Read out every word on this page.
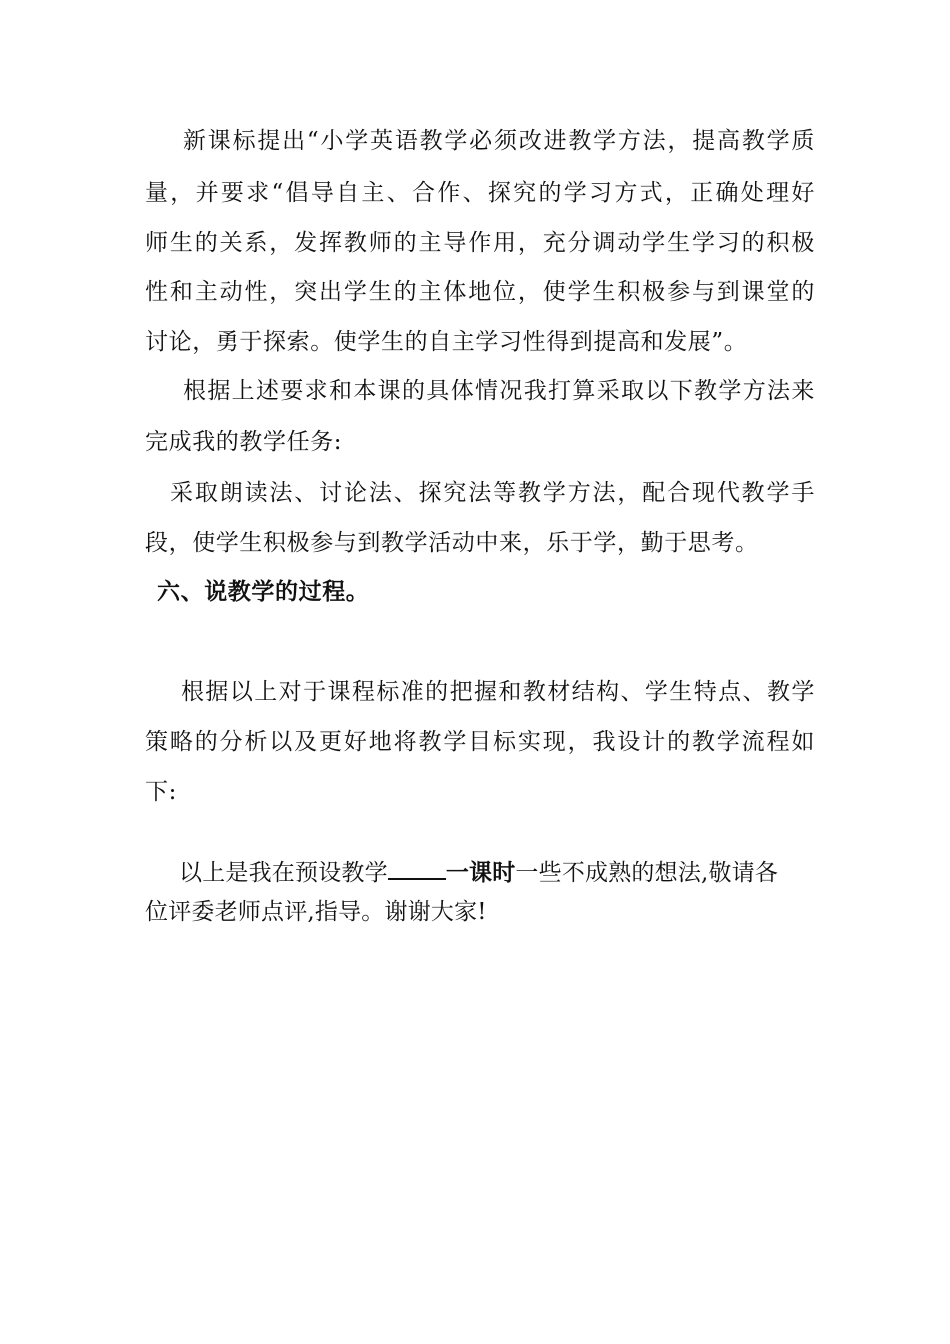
新课标提出“小学英语教学必须改进教学方法，提高教学质
量，并要求“倡导自主、合作、探究的学习方式，正确处理好
师生的关系，发挥教师的主导作用，充分调动学生学习的积极
性和主动性，突出学生的主体地位，使学生积极参与到课堂的
讨论，勇于探索。使学生的自主学习性得到提高和发展”。
根据上述要求和本课的具体情况我打算采取以下教学方法来
完成我的教学任务:
采取朗读法、讨论法、探究法等教学方法，配合现代教学手
段，使学生积极参与到教学活动中来，乐于学，勤于思考。
六、说教学的过程。
根据以上对于课程标准的把握和教材结构、学生特点、教学
策略的分析以及更好地将教学目标实现，我设计的教学流程如
下:
以上是我在预设教学	一课时一些不成熟的想法,敬请各
位评委老师点评,指导。谢谢大家!
